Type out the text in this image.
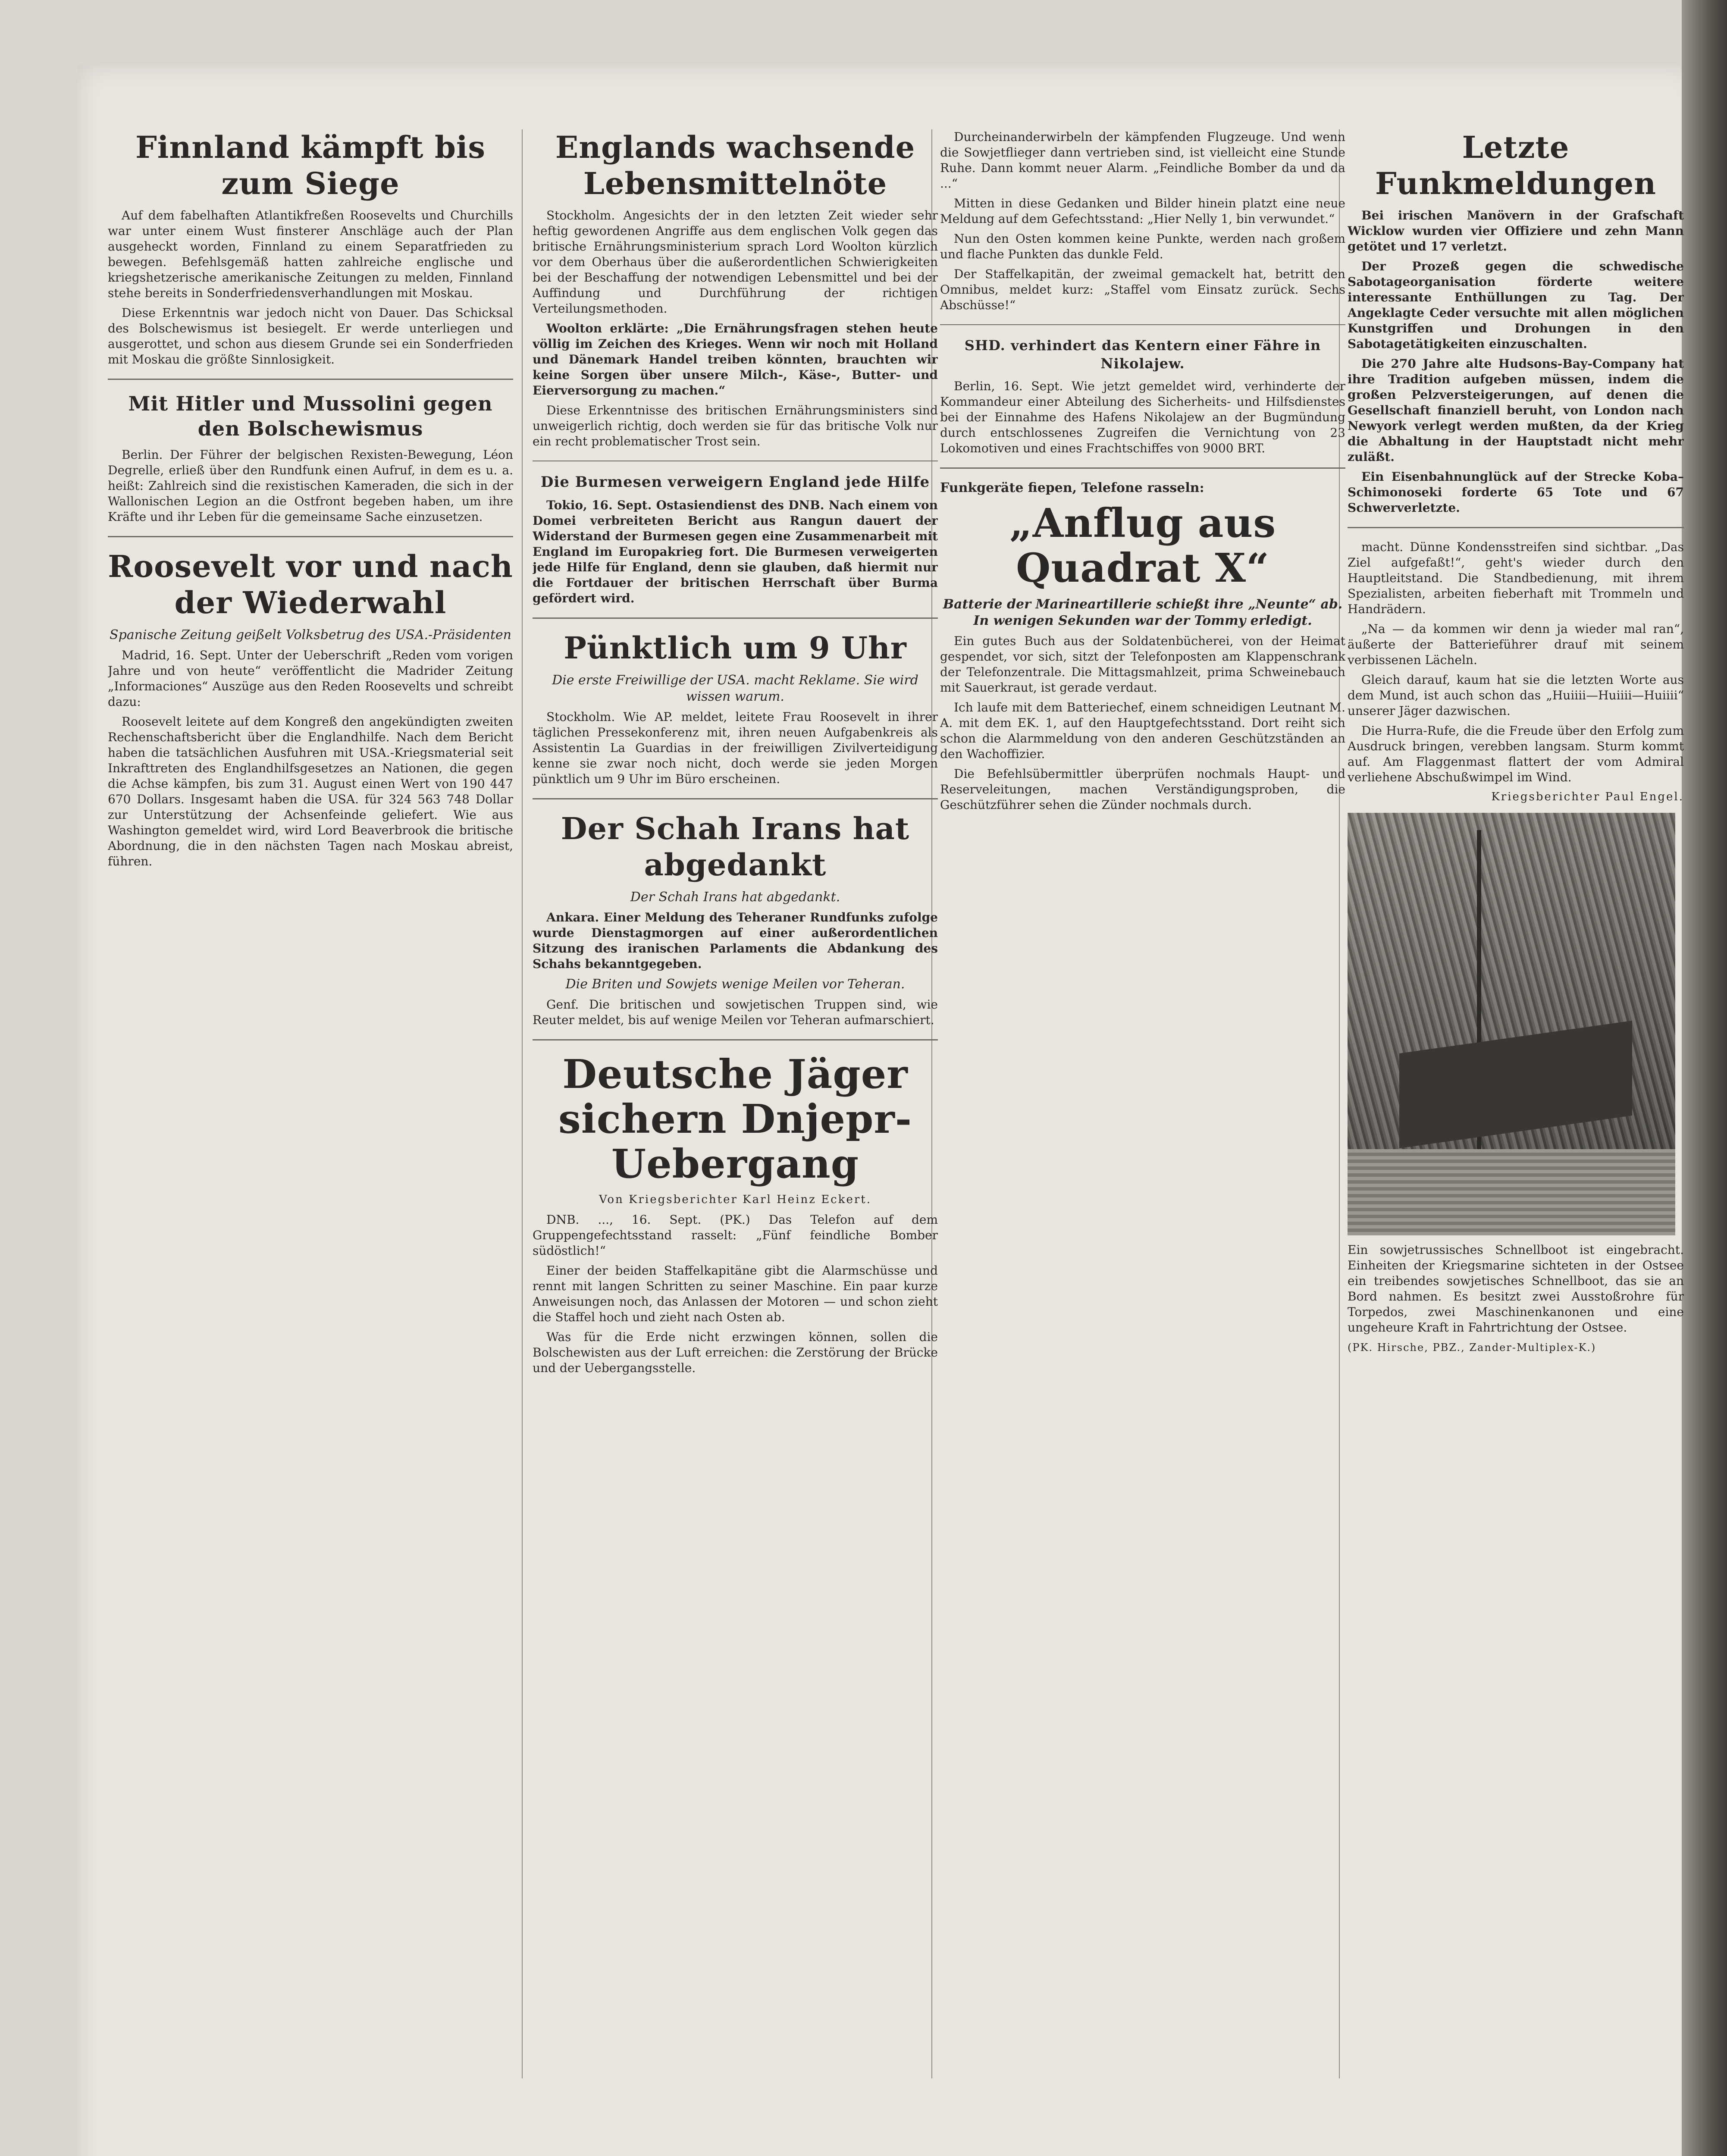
Finnland kämpft bis zum Siege

Auf dem fabelhaften Atlantikfreßen Roosevelts und Churchills war unter einem Wust finsterer Anschläge auch der Plan ausgeheckt worden, Finnland zu einem Separatfrieden zu bewegen. Befehlsgemäß hatten zahlreiche englische und kriegshetzerische amerikanische Zeitungen zu melden, Finnland stehe bereits in Sonderfriedensverhandlungen mit Moskau.

Diese Erkenntnis war jedoch nicht von Dauer. Das Schicksal des Bolschewismus ist besiegelt. Er werde unterliegen und ausgerottet, und schon aus diesem Grunde sei ein Sonderfrieden mit Moskau die größte Sinnlosigkeit.

Mit Hitler und Mussolini gegen den Bolschewismus

Berlin. Der Führer der belgischen Rexisten-Bewegung, Léon Degrelle, erließ über den Rundfunk einen Aufruf, in dem es u. a. heißt: Zahlreich sind die rexistischen Kameraden, die sich in der Wallonischen Legion an die Ostfront begeben haben, um ihre Kräfte und ihr Leben für die gemeinsame Sache einzusetzen.

Roosevelt vor und nach der Wiederwahl

Spanische Zeitung geißelt Volksbetrug des USA.-Präsidenten

Madrid, 16. Sept. Unter der Ueberschrift „Reden vom vorigen Jahre und von heute“ veröffentlicht die Madrider Zeitung „Informaciones“ Auszüge aus den Reden Roosevelts und schreibt dazu:

Roosevelt leitete auf dem Kongreß den angekündigten zweiten Rechenschaftsbericht über die Englandhilfe. Nach dem Bericht haben die tatsächlichen Ausfuhren mit USA.-Kriegsmaterial seit Inkrafttreten des Englandhilfsgesetzes an Nationen, die gegen die Achse kämpfen, bis zum 31. August einen Wert von 190 447 670 Dollars. Insgesamt haben die USA. für 324 563 748 Dollar zur Unterstützung der Achsenfeinde geliefert. Wie aus Washington gemeldet wird, wird Lord Beaverbrook die britische Abordnung, die in den nächsten Tagen nach Moskau abreist, führen.

Englands wachsende Lebensmittelnöte

Stockholm. Angesichts der in den letzten Zeit wieder sehr heftig gewordenen Angriffe aus dem englischen Volk gegen das britische Ernährungsministerium sprach Lord Woolton kürzlich vor dem Oberhaus über die außerordentlichen Schwierigkeiten bei der Beschaffung der notwendigen Lebensmittel und bei der Auffindung und Durchführung der richtigen Verteilungsmethoden.

Woolton erklärte: „Die Ernährungsfragen stehen heute völlig im Zeichen des Krieges. Wenn wir noch mit Holland und Dänemark Handel treiben könnten, brauchten wir keine Sorgen über unsere Milch-, Käse-, Butter- und Eierversorgung zu machen.“

Diese Erkenntnisse des britischen Ernährungsministers sind unweigerlich richtig, doch werden sie für das britische Volk nur ein recht problematischer Trost sein.

Die Burmesen verweigern England jede Hilfe

Tokio, 16. Sept. Ostasiendienst des DNB. Nach einem von Domei verbreiteten Bericht aus Rangun dauert der Widerstand der Burmesen gegen eine Zusammenarbeit mit England im Europakrieg fort. Die Burmesen verweigerten jede Hilfe für England, denn sie glauben, daß hiermit nur die Fortdauer der britischen Herrschaft über Burma gefördert wird.

Pünktlich um 9 Uhr

Die erste Freiwillige der USA. macht Reklame. Sie wird wissen warum.

Stockholm. Wie AP. meldet, leitete Frau Roosevelt in ihrer täglichen Pressekonferenz mit, ihren neuen Aufgabenkreis als Assistentin La Guardias in der freiwilligen Zivilverteidigung kenne sie zwar noch nicht, doch werde sie jeden Morgen pünktlich um 9 Uhr im Büro erscheinen.

Der Schah Irans hat abgedankt

Der Schah Irans hat abgedankt.

Ankara. Einer Meldung des Teheraner Rundfunks zufolge wurde Dienstagmorgen auf einer außerordentlichen Sitzung des iranischen Parlaments die Abdankung des Schahs bekanntgegeben.

Die Briten und Sowjets wenige Meilen vor Teheran.

Genf. Die britischen und sowjetischen Truppen sind, wie Reuter meldet, bis auf wenige Meilen vor Teheran aufmarschiert.

Deutsche Jäger sichern Dnjepr-Uebergang

Von Kriegsberichter Karl Heinz Eckert.

DNB. ..., 16. Sept. (PK.) Das Telefon auf dem Gruppengefechtsstand rasselt: „Fünf feindliche Bomber südöstlich!“

Einer der beiden Staffelkapitäne gibt die Alarmschüsse und rennt mit langen Schritten zu seiner Maschine. Ein paar kurze Anweisungen noch, das Anlassen der Motoren — und schon zieht die Staffel hoch und zieht nach Osten ab.

Was für die Erde nicht erzwingen können, sollen die Bolschewisten aus der Luft erreichen: die Zerstörung der Brücke und der Uebergangsstelle.

Durcheinanderwirbeln der kämpfenden Flugzeuge. Und wenn die Sowjetflieger dann vertrieben sind, ist vielleicht eine Stunde Ruhe. Dann kommt neuer Alarm. „Feindliche Bomber da und da ...“

Mitten in diese Gedanken und Bilder hinein platzt eine neue Meldung auf dem Gefechtsstand: „Hier Nelly 1, bin verwundet.“

Nun den Osten kommen keine Punkte, werden nach großem und flache Punkten das dunkle Feld.

Der Staffelkapitän, der zweimal gemackelt hat, betritt den Omnibus, meldet kurz: „Staffel vom Einsatz zurück. Sechs Abschüsse!“

SHD. verhindert das Kentern einer Fähre in Nikolajew.

Berlin, 16. Sept. Wie jetzt gemeldet wird, verhinderte der Kommandeur einer Abteilung des Sicherheits- und Hilfsdienstes bei der Einnahme des Hafens Nikolajew an der Bugmündung durch entschlossenes Zugreifen die Vernichtung von 23 Lokomotiven und eines Frachtschiffes von 9000 BRT.

Funkgeräte fiepen, Telefone rasseln:

„Anflug aus Quadrat X“

Batterie der Marineartillerie schießt ihre „Neunte“ ab. In wenigen Sekunden war der Tommy erledigt.

Ein gutes Buch aus der Soldatenbücherei, von der Heimat gespendet, vor sich, sitzt der Telefonposten am Klappenschrank der Telefonzentrale. Die Mittagsmahlzeit, prima Schweinebauch mit Sauerkraut, ist gerade verdaut.

Ich laufe mit dem Batteriechef, einem schneidigen Leutnant M. A. mit dem EK. 1, auf den Hauptgefechtsstand. Dort reiht sich schon die Alarmmeldung von den anderen Geschützständen an den Wachoffizier.

Die Befehlsübermittler überprüfen nochmals Haupt- und Reserveleitungen, machen Verständigungsproben, die Geschützführer sehen die Zünder nochmals durch.

Letzte Funkmeldungen

Bei irischen Manövern in der Grafschaft Wicklow wurden vier Offiziere und zehn Mann getötet und 17 verletzt.

Der Prozeß gegen die schwedische Sabotageorganisation förderte weitere interessante Enthüllungen zu Tag. Der Angeklagte Ceder versuchte mit allen möglichen Kunstgriffen und Drohungen in den Sabotagetätigkeiten einzuschalten.

Die 270 Jahre alte Hudsons-Bay-Company hat ihre Tradition aufgeben müssen, indem die großen Pelzversteigerungen, auf denen die Gesellschaft finanziell beruht, von London nach Newyork verlegt werden mußten, da der Krieg die Abhaltung in der Hauptstadt nicht mehr zuläßt.

Ein Eisenbahnunglück auf der Strecke Koba–Schimonoseki forderte 65 Tote und 67 Schwerverletzte.

macht. Dünne Kondensstreifen sind sichtbar. „Das Ziel aufgefaßt!“, geht's wieder durch den Hauptleitstand. Die Standbedienung, mit ihrem Spezialisten, arbeiten fieberhaft mit Trommeln und Handrädern.

„Na — da kommen wir denn ja wieder mal ran“, äußerte der Batterieführer drauf mit seinem verbissenen Lächeln.

Gleich darauf, kaum hat sie die letzten Worte aus dem Mund, ist auch schon das „Huiiii—Huiiii—Huiiii“ unserer Jäger dazwischen.

Die Hurra-Rufe, die die Freude über den Erfolg zum Ausdruck bringen, verebben langsam. Sturm kommt auf. Am Flaggenmast flattert der vom Admiral verliehene Abschußwimpel im Wind.

Kriegsberichter Paul Engel.

Ein sowjetrussisches Schnellboot ist eingebracht. Einheiten der Kriegsmarine sichteten in der Ostsee ein treibendes sowjetisches Schnellboot, das sie an Bord nahmen. Es besitzt zwei Ausstoßrohre für Torpedos, zwei Maschinenkanonen und eine ungeheure Kraft in Fahrtrichtung der Ostsee.

(PK. Hirsche, PBZ., Zander-Multiplex-K.)
